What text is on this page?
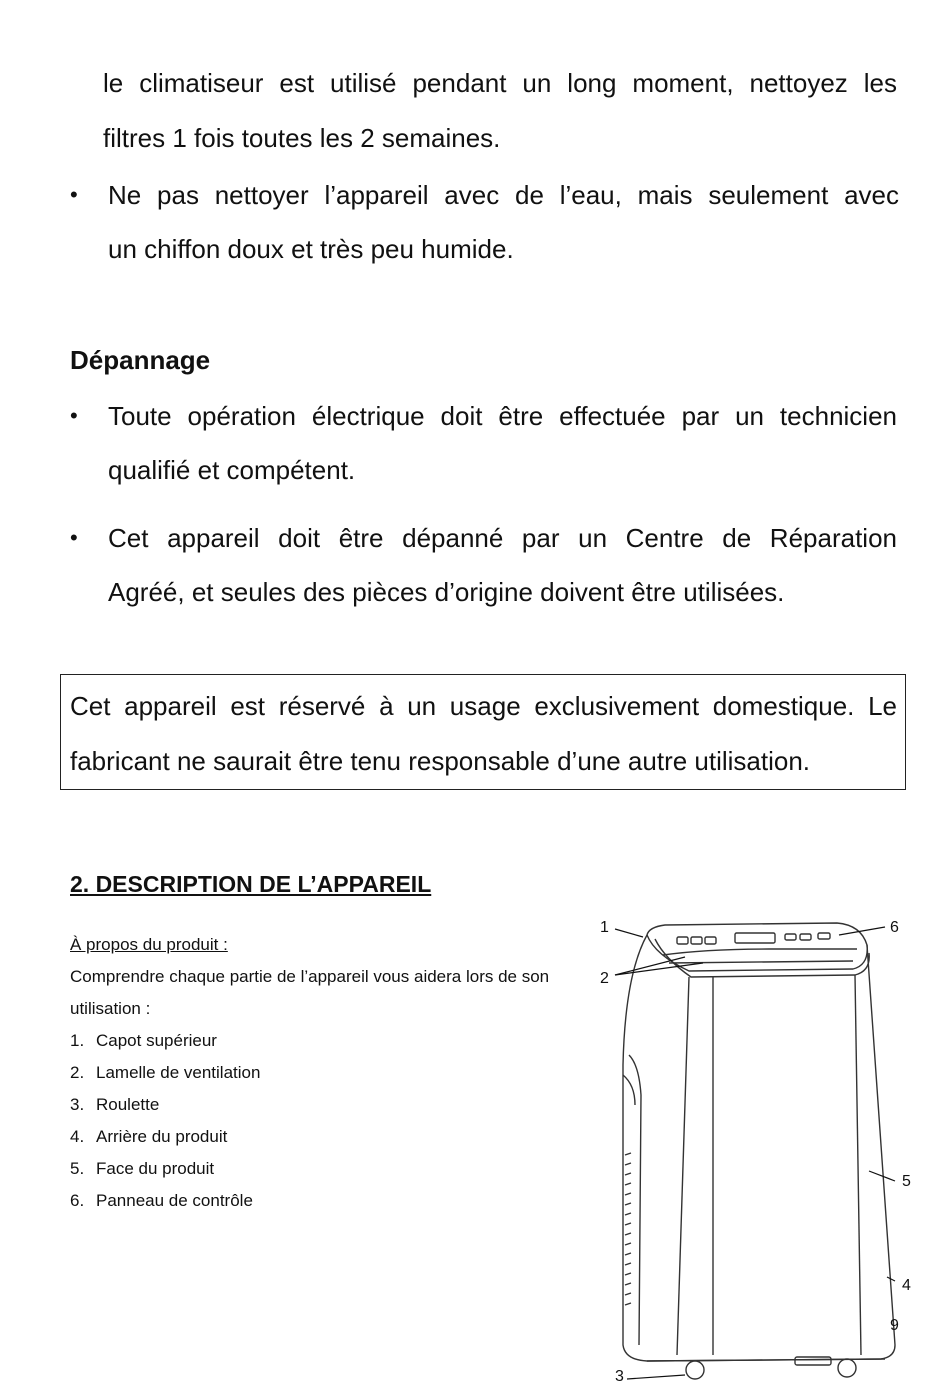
le climatiseur est utilisé pendant un long moment, nettoyez les
filtres 1 fois toutes les 2 semaines.
• Ne pas nettoyer l’appareil avec de l’eau, mais seulement avec
un chiffon doux et très peu humide.
Dépannage
• Toute opération électrique doit être effectuée par un technicien
qualifié et compétent.
• Cet appareil doit être dépanné par un Centre de Réparation
Agréé, et seules des pièces d’origine doivent être utilisées.
Cet appareil est réservé à un usage exclusivement domestique. Le
fabricant ne saurait être tenu responsable d’une autre utilisation.
2. DESCRIPTION DE L’APPAREIL
À propos du produit :
Comprendre chaque partie de l’appareil vous aidera lors de son
utilisation :
1. Capot supérieur
2. Lamelle de ventilation
3. Roulette
4. Arrière du produit
5. Face du produit
6. Panneau de contrôle
1
2
6
5
4
9
3
